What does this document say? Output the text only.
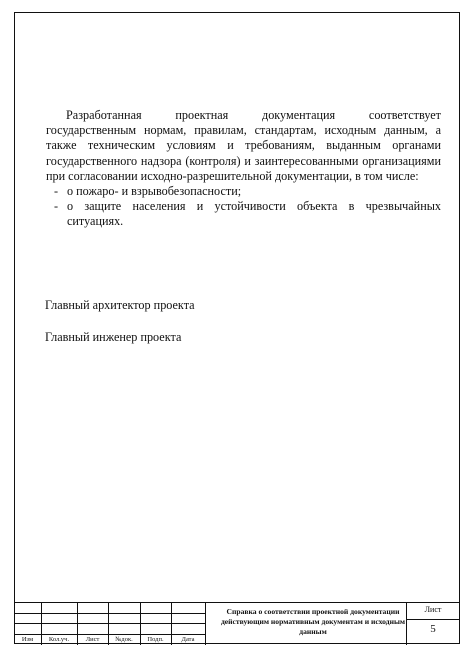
Разработанная проектная документация соответствует государственным нормам, правилам, стандартам, исходным данным, а также техническим условиям и требованиям, выданным органами государственного надзора (контроля) и заинтересованными организациями при согласовании исходно-разрешительной документации, в том числе:

- о пожаро- и взрывобезопасности;
- о защите населения и устойчивости объекта в чрезвычайных ситуациях.
Главный архитектор проекта
Главный инженер проекта
Изм	Кол.уч.	Лист	№док.	Подп.	Дата
Справка о соответствии проектной документации действующим нормативным документам и исходным данным
Лист
5
